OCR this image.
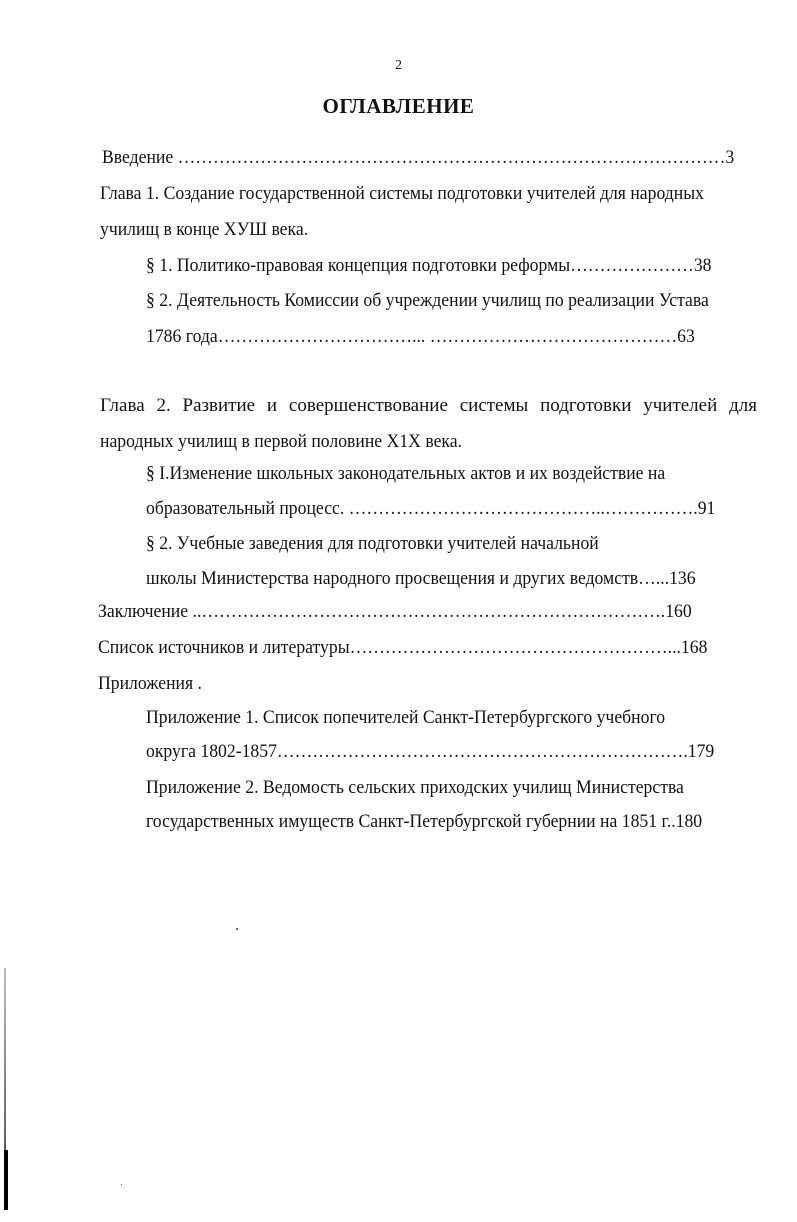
2
ОГЛАВЛЕНИЕ
Введение …………………………………………………………………………………3
Глава 1. Создание государственной системы подготовки учителей для народных
училищ в конце ХУШ века.
§ 1. Политико-правовая концепция подготовки реформы…………………38
§ 2. Деятельность Комиссии об учреждении училищ по реализации Устава
1786 года……………………………... ……………………………………63
Глава 2. Развитие и совершенствование системы подготовки учителей для
народных училищ в первой половине Х1Х века.
§ I.Изменение школьных законодательных актов и их воздействие на
образовательный процесс. ……………………………………..…………….91
§ 2. Учебные заведения для подготовки учителей начальной
школы Министерства народного просвещения и других ведомств…...136
Заключение ..…………………………………………………………………….160
Список источников и литературы………………………………………………...168
Приложения .
Приложение 1. Список попечителей Санкт-Петербургского учебного
округа 1802-1857…………………………………………………………….179
Приложение 2. Ведомость сельских приходских училищ Министерства
государственных имуществ Санкт-Петербургской губернии на 1851 г..180
